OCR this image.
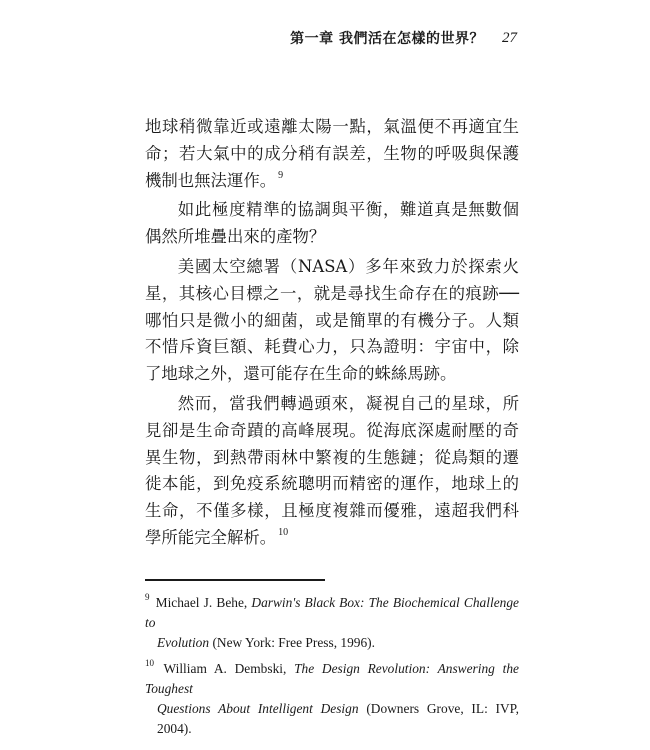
第一章 我們活在怎樣的世界？ 27

地球稍微靠近或遠離太陽一點，氣溫便不再適宜生命；若大氣中的成分稍有誤差，生物的呼吸與保護機制也無法運作。 $^9$

如此極度精準的協調與平衡，難道真是無數個偶然所堆疊出來的產物？

美國太空總署（NASA）多年來致力於探索火星，其核心目標之一，就是尋找生命存在的痕跡──哪怕只是微小的細菌，或是簡單的有機分子。人類不惜斥資巨額、耗費心力，只為證明：宇宙中，除了地球之外，還可能存在生命的蛛絲馬跡。

然而，當我們轉過頭來，凝視自己的星球，所見卻是生命奇蹟的高峰展現。從海底深處耐壓的奇異生物，到熱帶雨林中繁複的生態鏈；從鳥類的遷徙本能，到免疫系統聰明而精密的運作，地球上的生命，不僅多樣，且極度複雜而優雅，遠超我們科學所能完全解析。 $^{10}$

$^9$ Michael J. Behe, Darwin's Black Box: The Biochemical Challenge to
Evolution (New York: Free Press, 1996).
$^{10}$ William A. Dembski, The Design Revolution: Answering the Toughest
Questions About Intelligent Design (Downers Grove, IL: IVP, 2004).
